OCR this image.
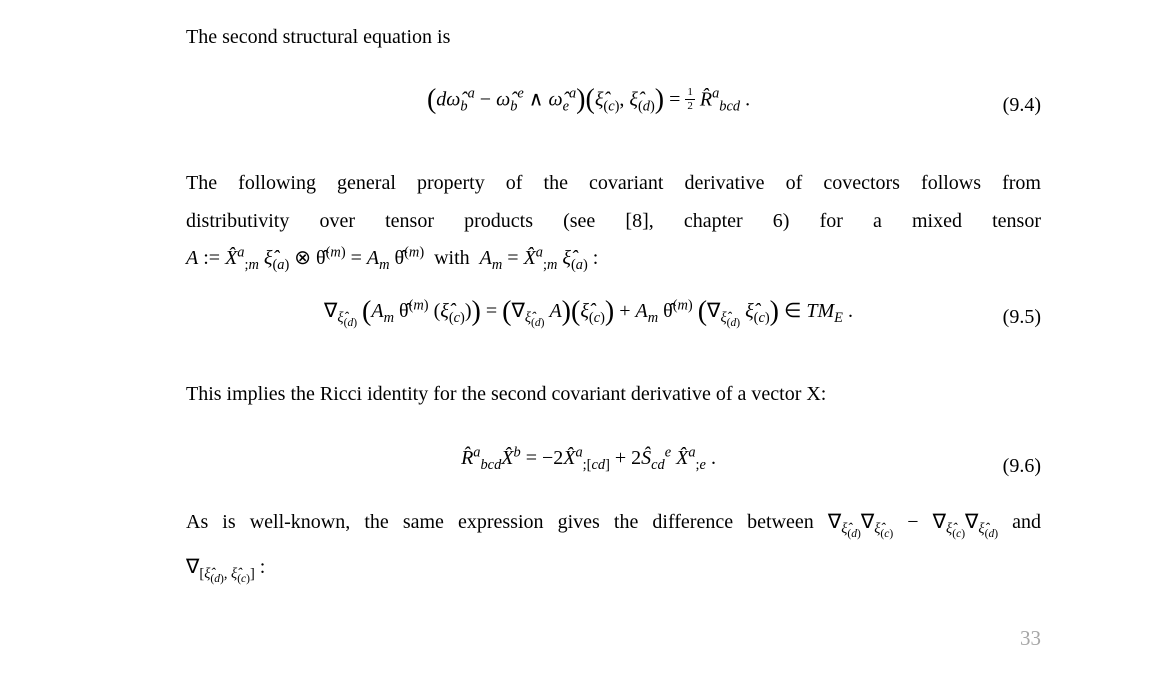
The second structural equation is

($d\omegâ_b^a$ − $\omegâ_b^e$ ∧ $\omegâ_e^a)(\xî_{(c)}$, $\xî_{(d)}) = \frac{1}{2}$ R̂$^a_{bcd}$ .	(9.4)
The following general property of the covariant derivative of covectors follows from
distributivity over tensor products (see [8], chapter 6) for a mixed tensor
A := X̂$^a_{;m}$ $\xî_{(a)}$ ⊗ θ̂$^{(m)}$ = $A_m$ θ̂$^{(m)}$  with  $A_m$ = X̂$^a_{;m}$ $\xî_{(a)}$ :
$\nabla_{\xî_{(d)}}$ ($A_m$ θ̂$^{(m)}$ $(\xî_{(c)})) = (\nabla_{\xî_{(d)}}$ $A)(\xî_{(c)}) + A_m$ θ̂$^{(m)}$ ($\nabla_{\xî_{(d)}}$ $\xî_{(c)}$) ∈ $TM_E$ .	(9.5)

This implies the Ricci identity for the second covariant derivative of a vector X:

R̂$^a_{bcd}$X̂$^b$ = −2X̂$^a_{;[cd]}$ + $2Ŝ_{cd}^e$ X̂$^a_{;e}$ .	(9.6)
As is well-known, the same expression gives the difference between $\nabla_{\xî_{(d)}}\nabla_{\xî_{(c)}} - \nabla_{\xî_{(c)}}\nabla_{\xî_{(d)}}$ and
$\nabla_{[\xî_{(d)}, \xî_{(c)}]}$ :
33
